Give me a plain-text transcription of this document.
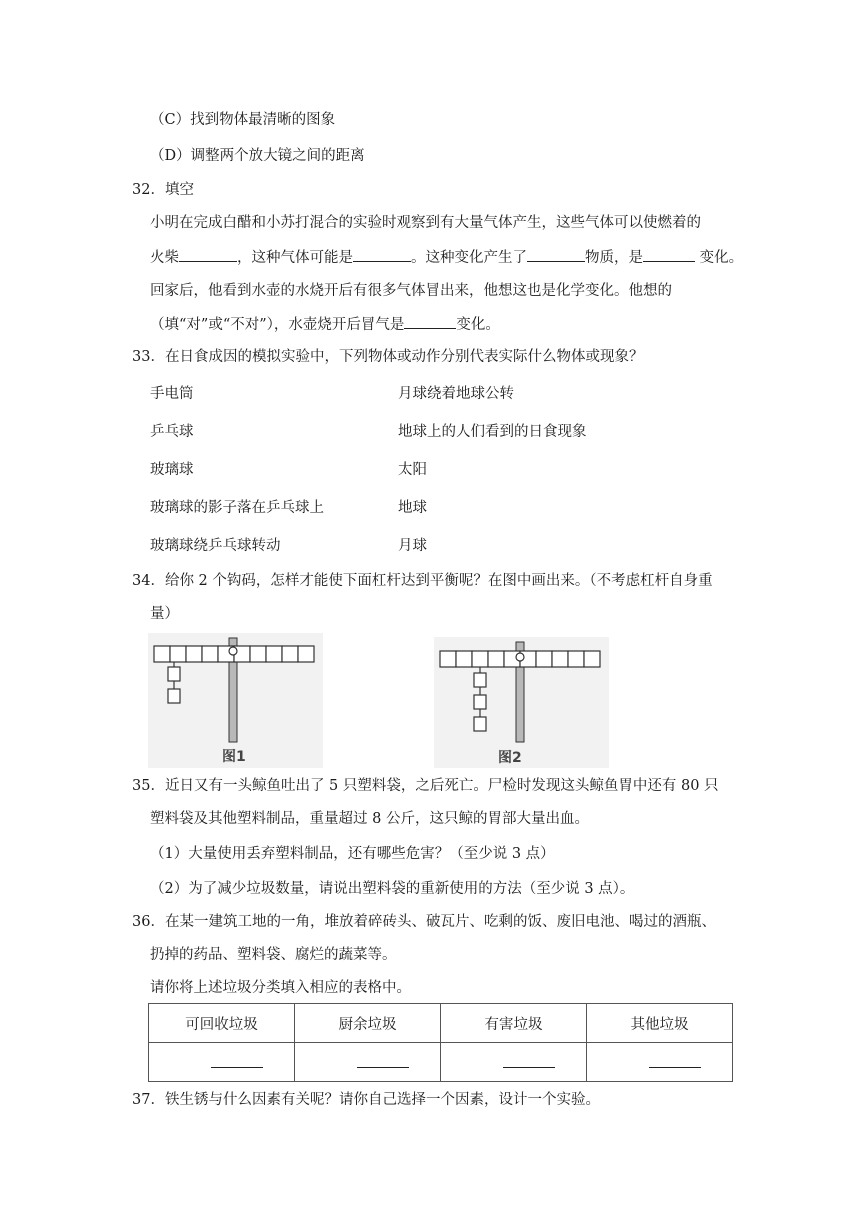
（C）找到物体最清晰的图象
（D）调整两个放大镜之间的距离
32．填空
小明在完成白醋和小苏打混合的实验时观察到有大量气体产生，这些气体可以使燃着的
火柴	，这种气体可能是	。这种变化产生了	物质，是	变化。
回家后，他看到水壶的水烧开后有很多气体冒出来，他想这也是化学变化。他想的
（填“对”或“不对”），水壶烧开后冒气是	变化。
33．在日食成因的模拟实验中，下列物体或动作分别代表实际什么物体或现象？
手电筒	月球绕着地球公转
乒乓球	地球上的人们看到的日食现象
玻璃球	太阳
玻璃球的影子落在乒乓球上	地球
玻璃球绕乒乓球转动	月球
34．给你 2 个钩码，怎样才能使下面杠杆达到平衡呢？在图中画出来。（不考虑杠杆自身重
量）
图1	图2
35．近日又有一头鲸鱼吐出了 5 只塑料袋，之后死亡。尸检时发现这头鲸鱼胃中还有 80 只
塑料袋及其他塑料制品，重量超过 8 公斤，这只鲸的胃部大量出血。
（1）大量使用丢弃塑料制品，还有哪些危害？（至少说 3 点）
（2）为了减少垃圾数量，请说出塑料袋的重新使用的方法（至少说 3 点）。
36．在某一建筑工地的一角，堆放着碎砖头、破瓦片、吃剩的饭、废旧电池、喝过的酒瓶、
扔掉的药品、塑料袋、腐烂的蔬菜等。
请你将上述垃圾分类填入相应的表格中。
可回收垃圾	厨余垃圾	有害垃圾	其他垃圾

37．铁生锈与什么因素有关呢？请你自己选择一个因素，设计一个实验。
